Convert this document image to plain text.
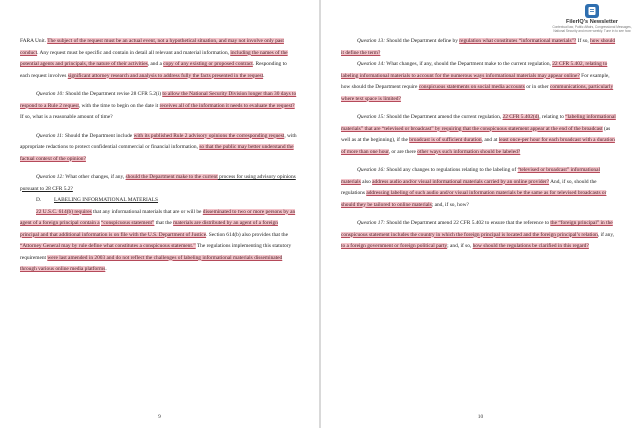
FARA Unit. The subject of the request must be an actual event, not a hypothetical situation, and may not involve only past conduct. Any request must be specific and contain in detail all relevant and material information, including the names of the potential agents and principals, the nature of their activities, and a copy of any existing or proposed contract. Responding to each request involves significant attorney research and analysis to address fully the facts presented in the request.

Question 10: Should the Department revise 28 CFR 5.2(i) to allow the National Security Division longer than 30 days to respond to a Rule 2 request, with the time to begin on the date it receives all of the information it needs to evaluate the request? If so, what is a reasonable amount of time?

Question 11: Should the Department include with its published Rule 2 advisory opinions the corresponding request, with appropriate redactions to protect confidential commercial or financial information, so that the public may better understand the factual context of the opinion?

Question 12: What other changes, if any, should the Department make to the current process for using advisory opinions pursuant to 28 CFR 5.2?

D. LABELING INFORMATIONAL MATERIALS

22 U.S.C. 614(b) requires that any informational materials that are or will be disseminated to two or more persons by an agent of a foreign principal contain a “conspicuous statement” that the materials are distributed by an agent of a foreign principal and that additional information is on file with the U.S. Department of Justice. Section 614(b) also provides that the “Attorney General may by rule define what constitutes a conspicuous statement.” The regulations implementing this statutory requirement were last amended in 2003 and do not reflect the challenges of labeling informational materials disseminated through various online media platforms.

9
FilerIQ's Newsletter
Contextual law, Public Affairs, Congressional Messages, National Security and more weekly. Tune in to see how

Question 13: Should the Department define by regulation what constitutes “informational materials”? If so, how should it define the term?

Question 14: What changes, if any, should the Department make to the current regulation, 22 CFR 5.402, relating to labeling informational materials to account for the numerous ways informational materials may appear online? For example, how should the Department require conspicuous statements on social media accounts or in other communications, particularly where text space is limited?

Question 15: Should the Department amend the current regulation, 22 CFR 5.402(d), relating to “labeling informational materials” that are “televised or broadcast” by requiring that the conspicuous statement appear at the end of the broadcast (as well as at the beginning), if the broadcast is of sufficient duration, and at least once-per hour for each broadcast with a duration of more than one hour, or are there other ways such information should be labeled?

Question 16: Should any changes to regulations relating to the labeling of “televised or broadcast” informational materials also address audio and/or visual informational materials carried by an online provider? And, if so, should the regulations addressing labeling of such audio and/or visual information materials be the same as for televised broadcasts or should they be tailored to online materials; and, if so, how?

Question 17: Should the Department amend 22 CFR 5.402 to ensure that the reference to the “foreign principal” in the conspicuous statement includes the country in which the foreign principal is located and the foreign principal’s relation, if any, to a foreign government or foreign political party; and, if so, how should the regulations be clarified in this regard?

10
